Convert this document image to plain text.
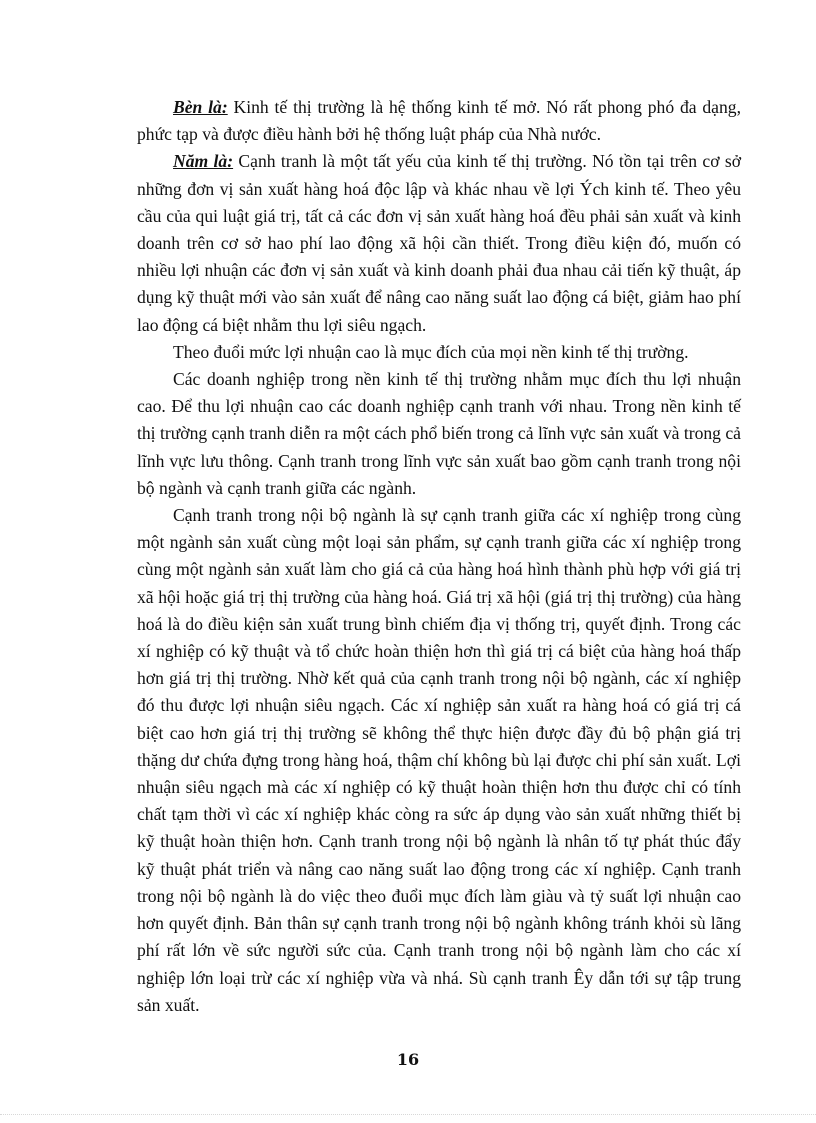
Bèn là: Kinh tế thị trường là hệ thống kinh tế mở. Nó rất phong phó đa dạng, phức tạp và được điều hành bởi hệ thống luật pháp của Nhà nước.

Năm là: Cạnh tranh là một tất yếu của kinh tế thị trường. Nó tồn tại trên cơ sở những đơn vị sản xuất hàng hoá độc lập và khác nhau về lợi Ých kinh tế. Theo yêu cầu của qui luật giá trị, tất cả các đơn vị sản xuất hàng hoá đều phải sản xuất và kinh doanh trên cơ sở hao phí lao động xã hội cần thiết. Trong điều kiện đó, muốn có nhiều lợi nhuận các đơn vị sản xuất và kinh doanh phải đua nhau cải tiến kỹ thuật, áp dụng kỹ thuật mới vào sản xuất để nâng cao năng suất lao động cá biệt, giảm hao phí lao động cá biệt nhằm thu lợi siêu ngạch.

Theo đuổi mức lợi nhuận cao là mục đích của mọi nền kinh tế thị trường.

Các doanh nghiệp trong nền kinh tế thị trường nhằm mục đích thu lợi nhuận cao. Để thu lợi nhuận cao các doanh nghiệp cạnh tranh với nhau. Trong nền kinh tế thị trường cạnh tranh diễn ra một cách phổ biến trong cả lĩnh vực sản xuất và trong cả lĩnh vực lưu thông. Cạnh tranh trong lĩnh vực sản xuất bao gồm cạnh tranh trong nội bộ ngành và cạnh tranh giữa các ngành.

Cạnh tranh trong nội bộ ngành là sự cạnh tranh giữa các xí nghiệp trong cùng một ngành sản xuất cùng một loại sản phẩm, sự cạnh tranh giữa các xí nghiệp trong cùng một ngành sản xuất làm cho giá cả của hàng hoá hình thành phù hợp với giá trị xã hội hoặc giá trị thị trường của hàng hoá. Giá trị xã hội (giá trị thị trường) của hàng hoá là do điều kiện sản xuất trung bình chiếm địa vị thống trị, quyết định. Trong các xí nghiệp có kỹ thuật và tổ chức hoàn thiện hơn thì giá trị cá biệt của hàng hoá thấp hơn giá trị thị trường. Nhờ kết quả của cạnh tranh trong nội bộ ngành, các xí nghiệp đó thu được lợi nhuận siêu ngạch. Các xí nghiệp sản xuất ra hàng hoá có giá trị cá biệt cao hơn giá trị thị trường sẽ không thể thực hiện được đầy đủ bộ phận giá trị thặng dư chứa đựng trong hàng hoá, thậm chí không bù lại được chi phí sản xuất. Lợi nhuận siêu ngạch mà các xí nghiệp có kỹ thuật hoàn thiện hơn thu được chỉ có tính chất tạm thời vì các xí nghiệp khác còng ra sức áp dụng vào sản xuất những thiết bị kỹ thuật hoàn thiện hơn. Cạnh tranh trong nội bộ ngành là nhân tố tự phát thúc đẩy kỹ thuật phát triển và nâng cao năng suất lao động trong các xí nghiệp. Cạnh tranh trong nội bộ ngành là do việc theo đuổi mục đích làm giàu và tỷ suất lợi nhuận cao hơn quyết định. Bản thân sự cạnh tranh trong nội bộ ngành không tránh khỏi sù lãng phí rất lớn về sức người sức của. Cạnh tranh trong nội bộ ngành làm cho các xí nghiệp lớn loại trừ các xí nghiệp vừa và nhá. Sù cạnh tranh Êy dẫn tới sự tập trung sản xuất.

16
